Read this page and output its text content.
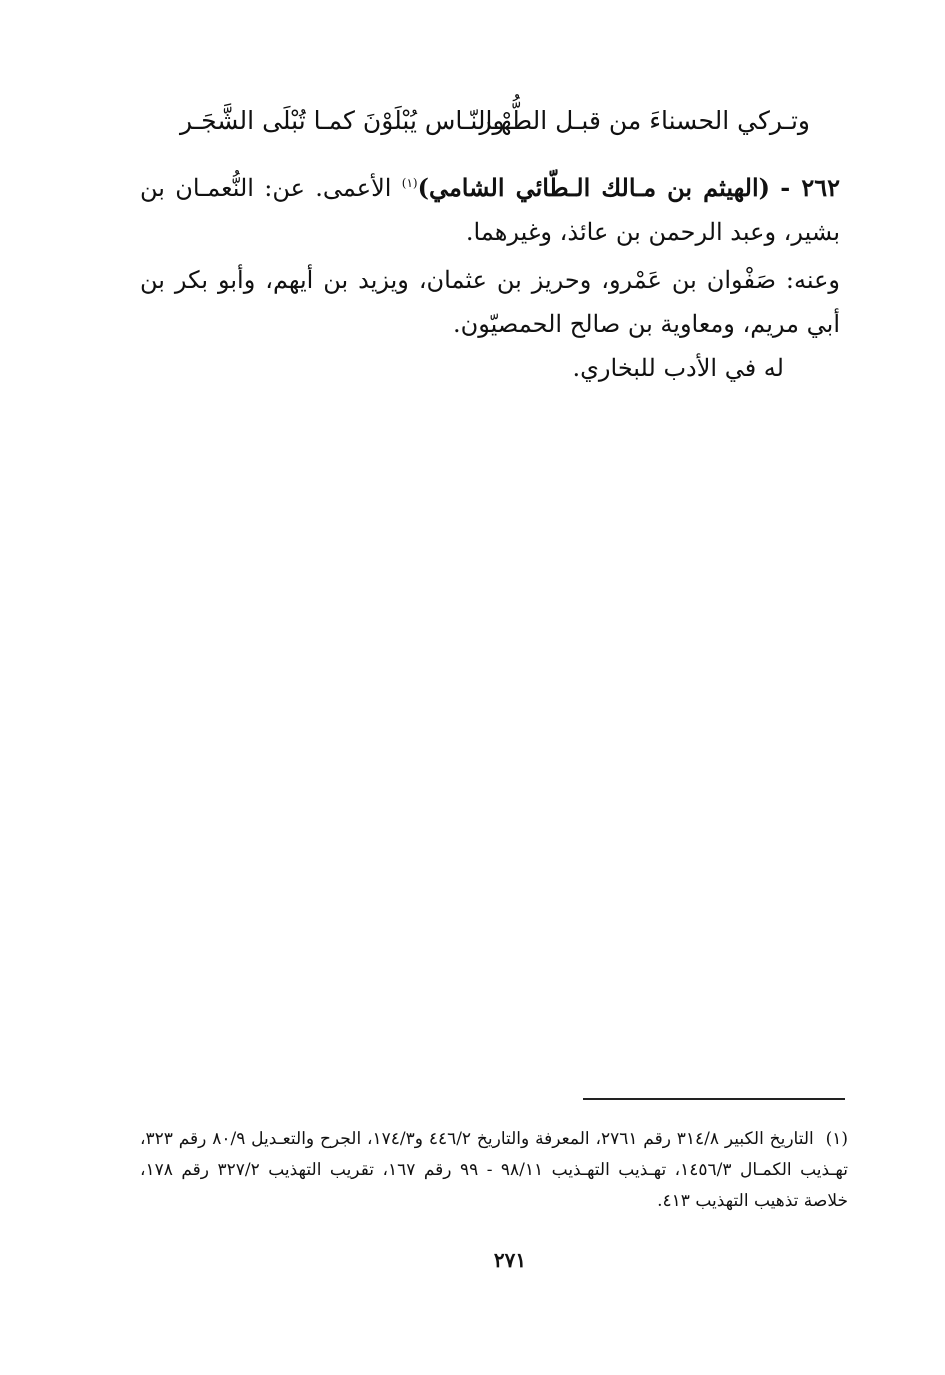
وتـركي الحسناءَ من قبـل الطُّهْـر
والنّـاس يُبْلَوْنَ كمـا تُبْلَى الشَّجَـر

٢٦٢ - (الهيثم بن مـالك الـطّائي الشامي)$^{(١)}$ الأعمى. عن: النُّعمـان بن بشير، وعبد الرحمن بن عائذ، وغيرهما.

وعنه: صَفْوان بن عَمْرو، وحريز بن عثمان، ويزيد بن أيهم، وأبو بكر بن أبي مريم، ومعاوية بن صالح الحمصيّون.

له في الأدب للبخاري.

(١) التاريخ الكبير ٣١٤/٨ رقم ٢٧٦١، المعرفة والتاريخ ٤٤٦/٢ و١٧٤/٣، الجرح والتعـديل ٨٠/٩ رقم ٣٢٣، تهـذيب الكمـال ١٤٥٦/٣، تهـذيب التهـذيب ٩٨/١١ - ٩٩ رقم ١٦٧، تقريب التهذيب ٣٢٧/٢ رقم ١٧٨، خلاصة تذهيب التهذيب ٤١٣.

٢٧١
